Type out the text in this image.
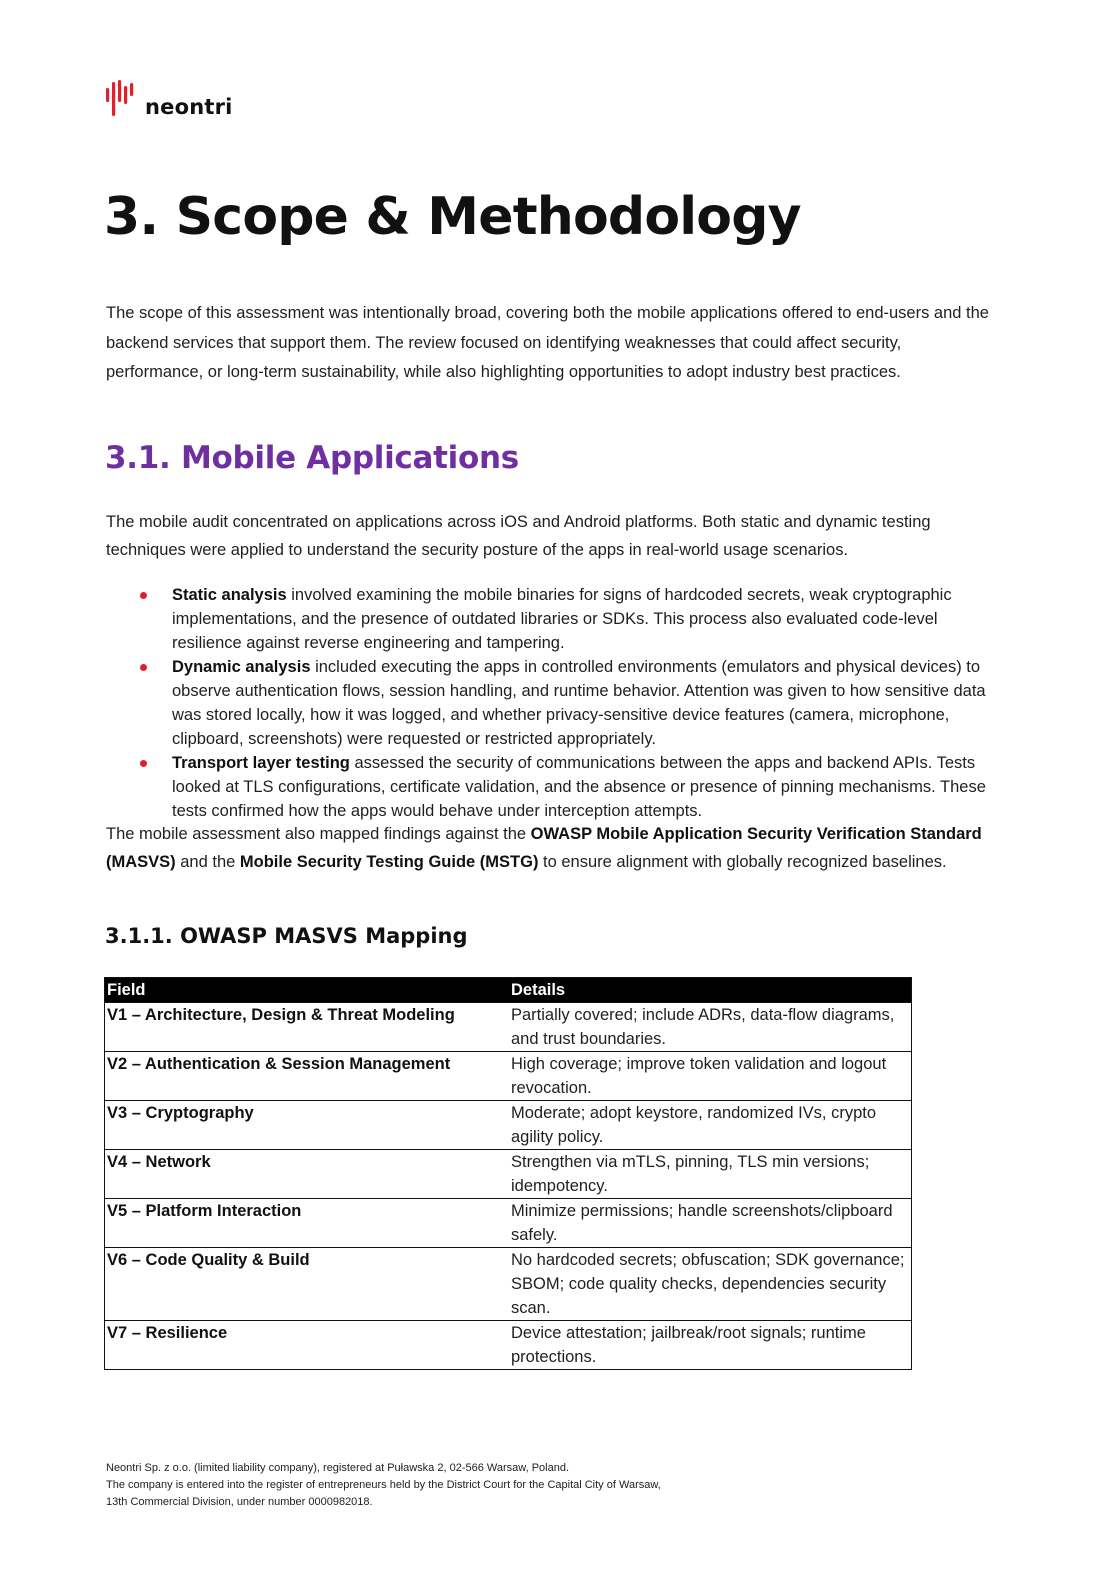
neontri
3. Scope & Methodology

The scope of this assessment was intentionally broad, covering both the mobile applications offered to end-users and the backend services that support them. The review focused on identifying weaknesses that could affect security, performance, or long-term sustainability, while also highlighting opportunities to adopt industry best practices.

3.1. Mobile Applications

The mobile audit concentrated on applications across iOS and Android platforms. Both static and dynamic testing techniques were applied to understand the security posture of the apps in real-world usage scenarios.

Static analysis involved examining the mobile binaries for signs of hardcoded secrets, weak cryptographic implementations, and the presence of outdated libraries or SDKs. This process also evaluated code-level resilience against reverse engineering and tampering.
Dynamic analysis included executing the apps in controlled environments (emulators and physical devices) to observe authentication flows, session handling, and runtime behavior. Attention was given to how sensitive data was stored locally, how it was logged, and whether privacy-sensitive device features (camera, microphone, clipboard, screenshots) were requested or restricted appropriately.
Transport layer testing assessed the security of communications between the apps and backend APIs. Tests looked at TLS configurations, certificate validation, and the absence or presence of pinning mechanisms. These tests confirmed how the apps would behave under interception attempts.

The mobile assessment also mapped findings against the OWASP Mobile Application Security Verification Standard (MASVS) and the Mobile Security Testing Guide (MSTG) to ensure alignment with globally recognized baselines.

3.1.1. OWASP MASVS Mapping
Field	Details
V1 – Architecture, Design & Threat Modeling	Partially covered; include ADRs, data-flow diagrams, and trust boundaries.
V2 – Authentication & Session Management	High coverage; improve token validation and logout revocation.
V3 – Cryptography	Moderate; adopt keystore, randomized IVs, crypto agility policy.
V4 – Network	Strengthen via mTLS, pinning, TLS min versions; idempotency.
V5 – Platform Interaction	Minimize permissions; handle screenshots/clipboard safely.
V6 – Code Quality & Build	No hardcoded secrets; obfuscation; SDK governance; SBOM; code quality checks, dependencies security scan.
V7 – Resilience	Device attestation; jailbreak/root signals; runtime protections.
Neontri Sp. z o.o. (limited liability company), registered at Puławska 2, 02-566 Warsaw, Poland.
The company is entered into the register of entrepreneurs held by the District Court for the Capital City of Warsaw,
13th Commercial Division, under number 0000982018.
